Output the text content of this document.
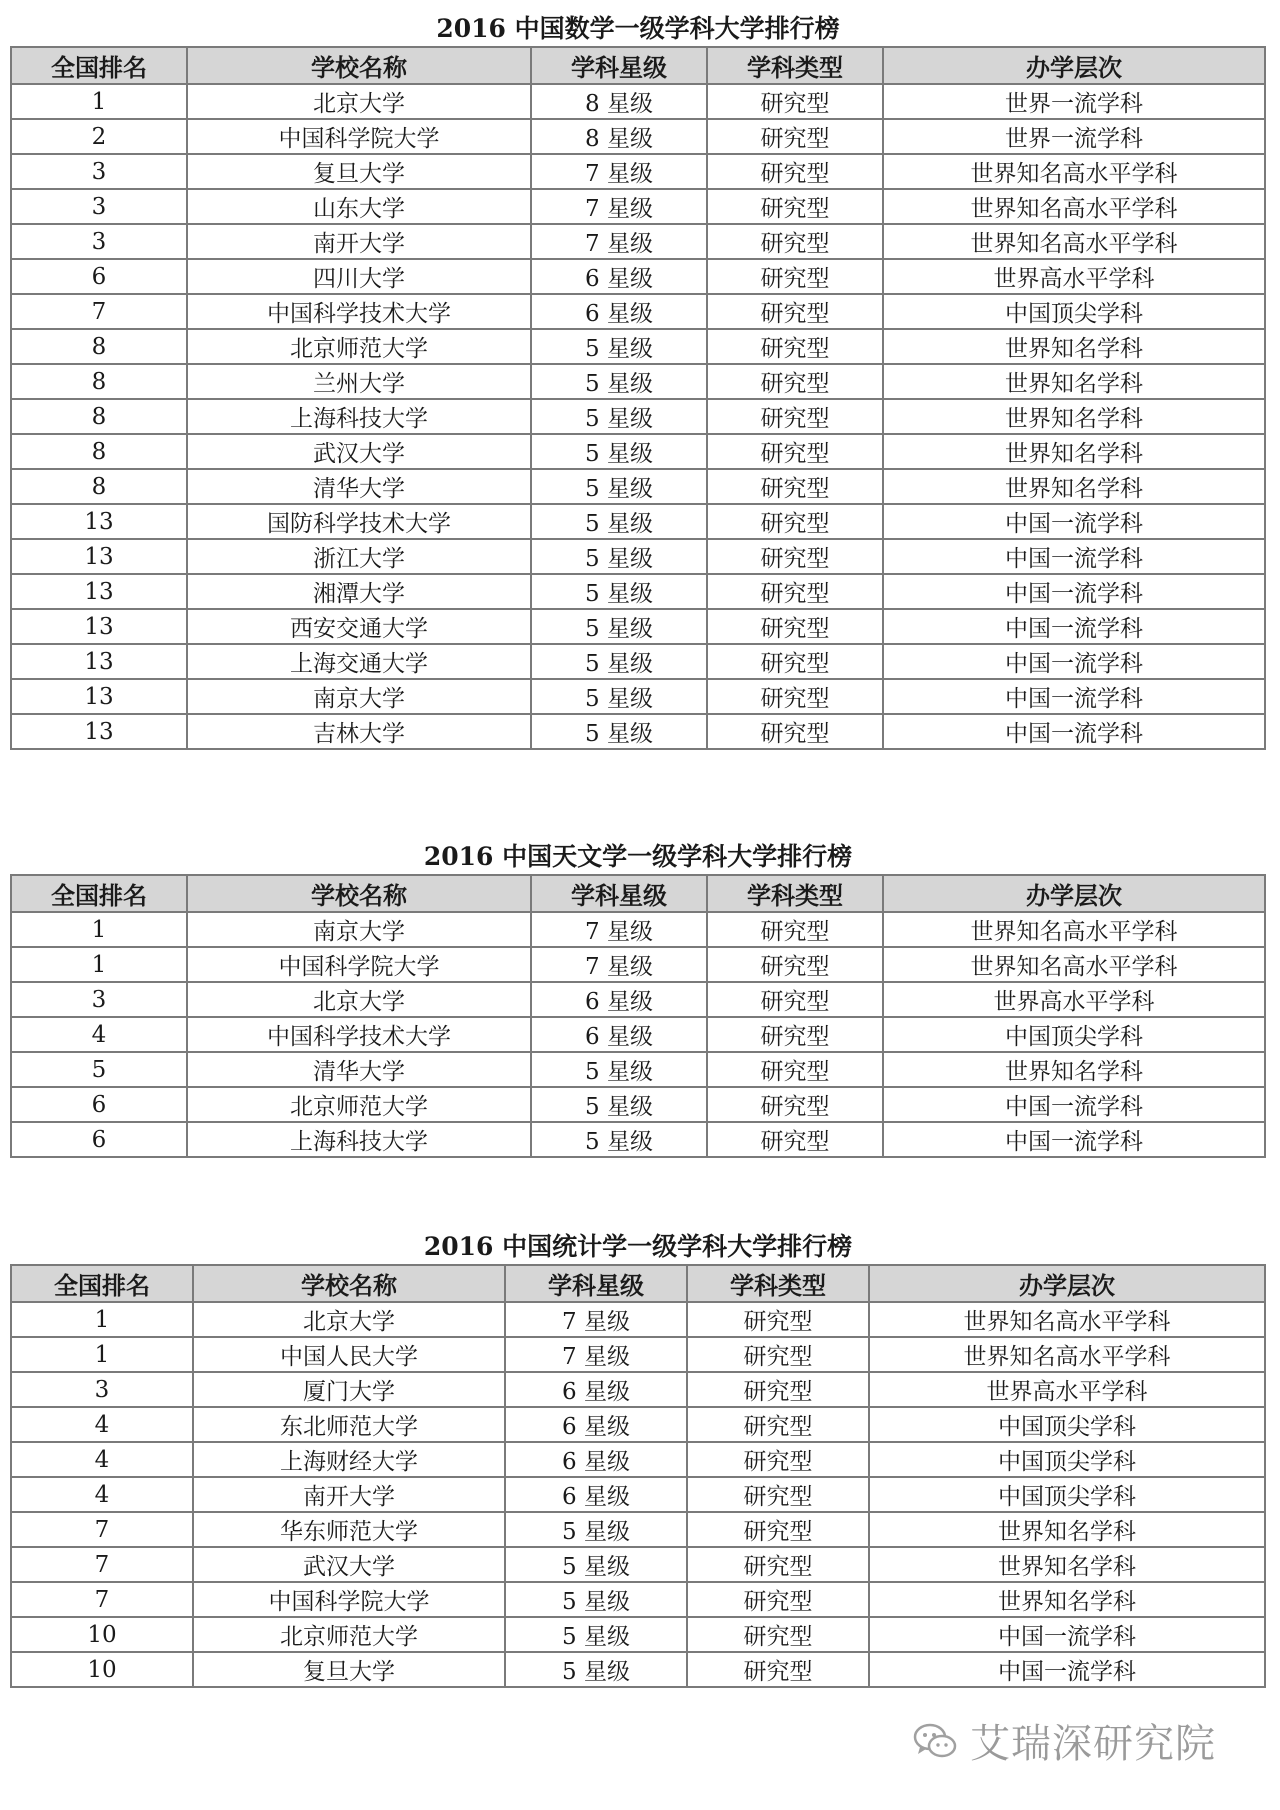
2016 中国数学一级学科大学排行榜
全国排名	学校名称	学科星级	学科类型	办学层次
1	北京大学	8 星级	研究型	世界一流学科
2	中国科学院大学	8 星级	研究型	世界一流学科
3	复旦大学	7 星级	研究型	世界知名高水平学科
3	山东大学	7 星级	研究型	世界知名高水平学科
3	南开大学	7 星级	研究型	世界知名高水平学科
6	四川大学	6 星级	研究型	世界高水平学科
7	中国科学技术大学	6 星级	研究型	中国顶尖学科
8	北京师范大学	5 星级	研究型	世界知名学科
8	兰州大学	5 星级	研究型	世界知名学科
8	上海科技大学	5 星级	研究型	世界知名学科
8	武汉大学	5 星级	研究型	世界知名学科
8	清华大学	5 星级	研究型	世界知名学科
13	国防科学技术大学	5 星级	研究型	中国一流学科
13	浙江大学	5 星级	研究型	中国一流学科
13	湘潭大学	5 星级	研究型	中国一流学科
13	西安交通大学	5 星级	研究型	中国一流学科
13	上海交通大学	5 星级	研究型	中国一流学科
13	南京大学	5 星级	研究型	中国一流学科
13	吉林大学	5 星级	研究型	中国一流学科
2016 中国天文学一级学科大学排行榜
全国排名	学校名称	学科星级	学科类型	办学层次
1	南京大学	7 星级	研究型	世界知名高水平学科
1	中国科学院大学	7 星级	研究型	世界知名高水平学科
3	北京大学	6 星级	研究型	世界高水平学科
4	中国科学技术大学	6 星级	研究型	中国顶尖学科
5	清华大学	5 星级	研究型	世界知名学科
6	北京师范大学	5 星级	研究型	中国一流学科
6	上海科技大学	5 星级	研究型	中国一流学科
2016 中国统计学一级学科大学排行榜
全国排名	学校名称	学科星级	学科类型	办学层次
1	北京大学	7 星级	研究型	世界知名高水平学科
1	中国人民大学	7 星级	研究型	世界知名高水平学科
3	厦门大学	6 星级	研究型	世界高水平学科
4	东北师范大学	6 星级	研究型	中国顶尖学科
4	上海财经大学	6 星级	研究型	中国顶尖学科
4	南开大学	6 星级	研究型	中国顶尖学科
7	华东师范大学	5 星级	研究型	世界知名学科
7	武汉大学	5 星级	研究型	世界知名学科
7	中国科学院大学	5 星级	研究型	世界知名学科
10	北京师范大学	5 星级	研究型	中国一流学科
10	复旦大学	5 星级	研究型	中国一流学科
艾瑞深研究院
